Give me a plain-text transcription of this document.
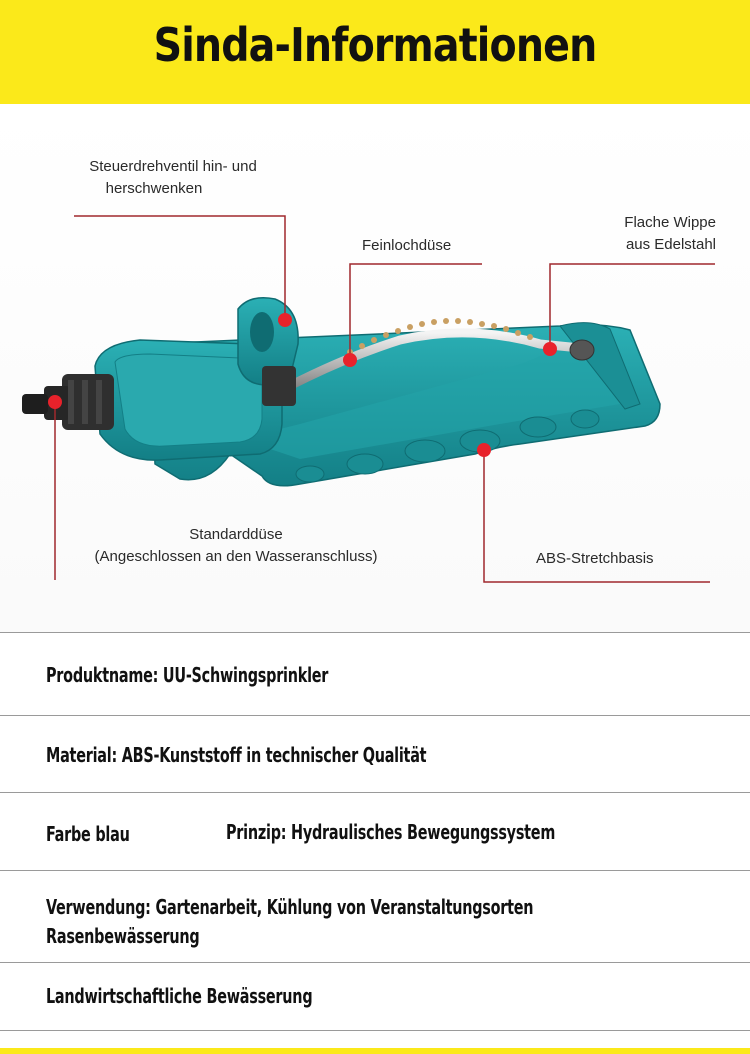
Sinda-Informationen
Steuerdrehventil hin- und
herschwenken
Feinlochdüse
Flache Wippe
aus Edelstahl
Standarddüse
(Angeschlossen an den Wasseranschluss)	ABS-Stretchbasis
Produktname: UU-Schwingsprinkler
Material: ABS-Kunststoff in technischer Qualität
Farbe blau	Prinzip: Hydraulisches Bewegungssystem
Verwendung: Gartenarbeit, Kühlung von Veranstaltungsorten
Rasenbewässerung
Landwirtschaftliche Bewässerung
